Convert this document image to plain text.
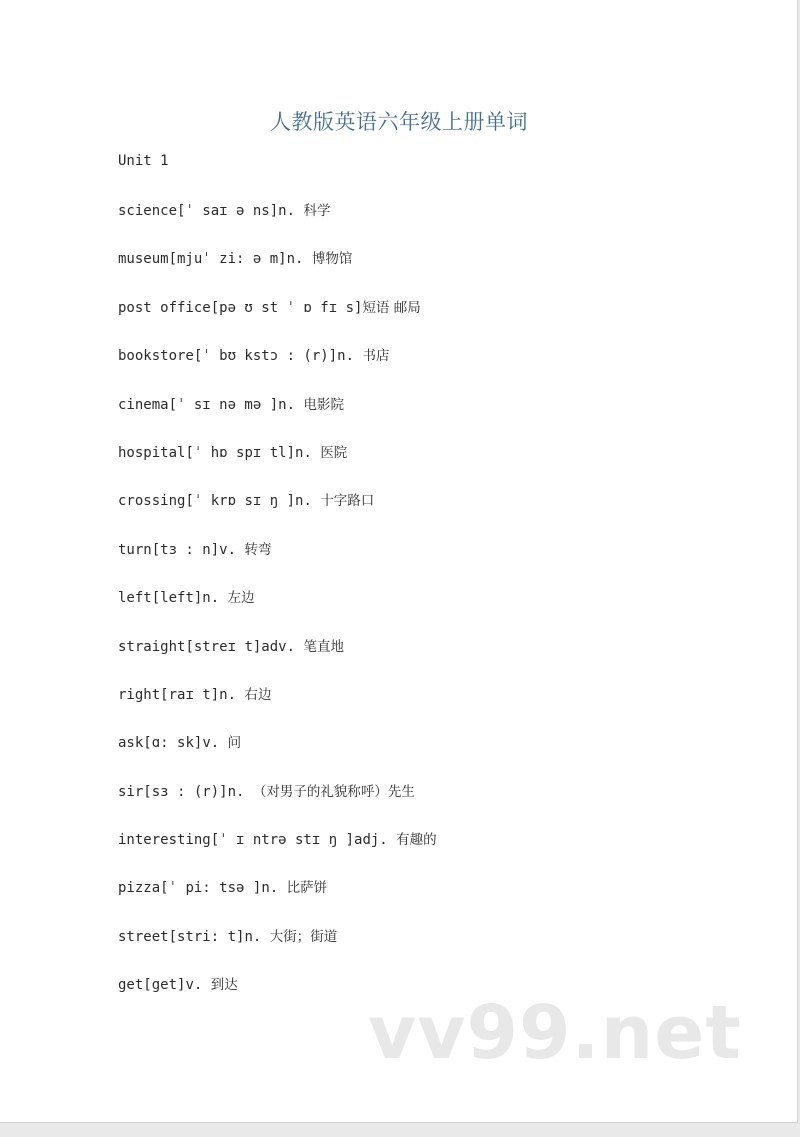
人教版英语六年级上册单词
Unit 1
science[ˈ saɪ ə ns]n. 科学
museum[mjuˈ zi: ə m]n. 博物馆
post office[pə ʊ st ˈ ɒ fɪ s]短语 邮局
bookstore[ˈ bʊ kstɔ : (r)]n. 书店
cinema[ˈ sɪ nə mə ]n. 电影院
hospital[ˈ hɒ spɪ tl]n. 医院
crossing[ˈ krɒ sɪ ŋ ]n. 十字路口
turn[tɜ : n]v. 转弯
left[left]n. 左边
straight[streɪ t]adv. 笔直地
right[raɪ t]n. 右边
ask[ɑ: sk]v. 问
sir[sɜ : (r)]n. （对男子的礼貌称呼）先生
interesting[ˈ ɪ ntrə stɪ ŋ ]adj. 有趣的
pizza[ˈ pi: tsə ]n. 比萨饼
street[stri: t]n. 大街；街道
get[get]v. 到达
vv99.net
